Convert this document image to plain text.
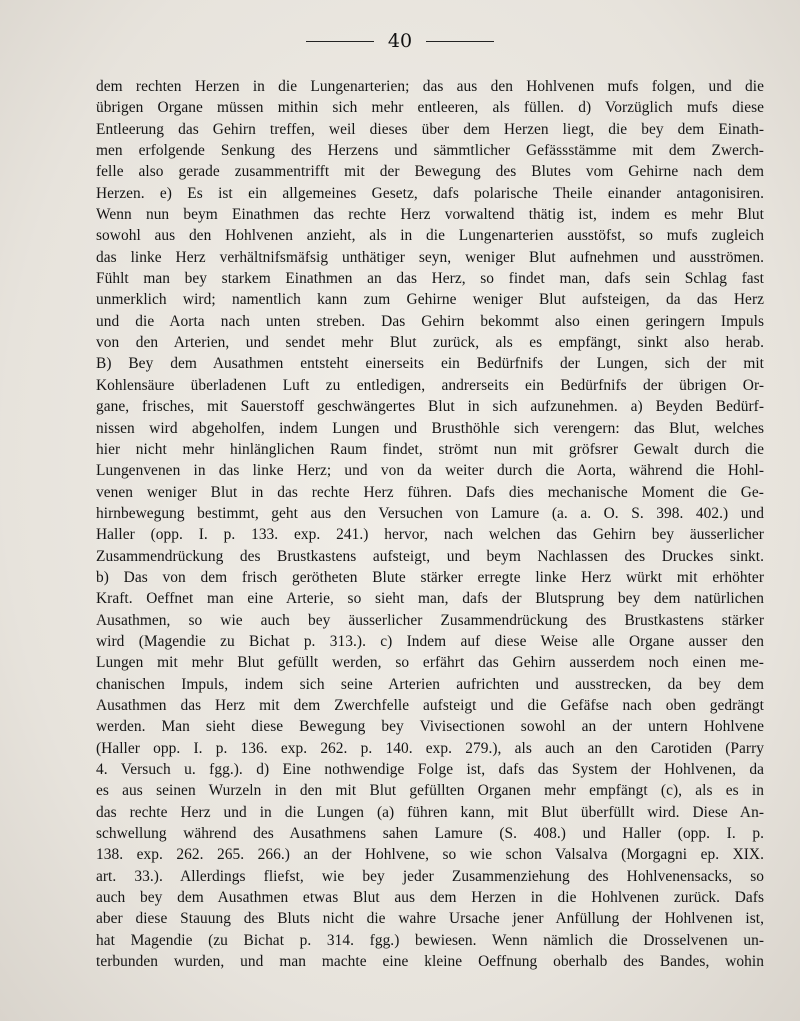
40
dem rechten Herzen in die Lungenarterien; das aus den Hohlvenen mufs folgen, und die
übrigen Organe müssen mithin sich mehr entleeren, als füllen. d) Vorzüglich mufs diese
Entleerung das Gehirn treffen, weil dieses über dem Herzen liegt, die bey dem Einath-
men erfolgende Senkung des Herzens und sämmtlicher Gefässstämme mit dem Zwerch-
felle also gerade zusammentrifft mit der Bewegung des Blutes vom Gehirne nach dem
Herzen. e) Es ist ein allgemeines Gesetz, dafs polarische Theile einander antagonisiren.
Wenn nun beym Einathmen das rechte Herz vorwaltend thätig ist, indem es mehr Blut
sowohl aus den Hohlvenen anzieht, als in die Lungenarterien ausstöfst, so mufs zugleich
das linke Herz verhältnifsmäfsig unthätiger seyn, weniger Blut aufnehmen und ausströmen.
Fühlt man bey starkem Einathmen an das Herz, so findet man, dafs sein Schlag fast
unmerklich wird; namentlich kann zum Gehirne weniger Blut aufsteigen, da das Herz
und die Aorta nach unten streben. Das Gehirn bekommt also einen geringern Impuls
von den Arterien, und sendet mehr Blut zurück, als es empfängt, sinkt also herab.
B) Bey dem Ausathmen entsteht einerseits ein Bedürfnifs der Lungen, sich der mit
Kohlensäure überladenen Luft zu entledigen, andrerseits ein Bedürfnifs der übrigen Or-
gane, frisches, mit Sauerstoff geschwängertes Blut in sich aufzunehmen. a) Beyden Bedürf-
nissen wird abgeholfen, indem Lungen und Brusthöhle sich verengern: das Blut, welches
hier nicht mehr hinlänglichen Raum findet, strömt nun mit gröfsrer Gewalt durch die
Lungenvenen in das linke Herz; und von da weiter durch die Aorta, während die Hohl-
venen weniger Blut in das rechte Herz führen. Dafs dies mechanische Moment die Ge-
hirnbewegung bestimmt, geht aus den Versuchen von Lamure (a. a. O. S. 398. 402.) und
Haller (opp. I. p. 133. exp. 241.) hervor, nach welchen das Gehirn bey äusserlicher
Zusammendrückung des Brustkastens aufsteigt, und beym Nachlassen des Druckes sinkt.
b) Das von dem frisch gerötheten Blute stärker erregte linke Herz würkt mit erhöhter
Kraft. Oeffnet man eine Arterie, so sieht man, dafs der Blutsprung bey dem natürlichen
Ausathmen, so wie auch bey äusserlicher Zusammendrückung des Brustkastens stärker
wird (Magendie zu Bichat p. 313.). c) Indem auf diese Weise alle Organe ausser den
Lungen mit mehr Blut gefüllt werden, so erfährt das Gehirn ausserdem noch einen me-
chanischen Impuls, indem sich seine Arterien aufrichten und ausstrecken, da bey dem
Ausathmen das Herz mit dem Zwerchfelle aufsteigt und die Gefäfse nach oben gedrängt
werden. Man sieht diese Bewegung bey Vivisectionen sowohl an der untern Hohlvene
(Haller opp. I. p. 136. exp. 262. p. 140. exp. 279.), als auch an den Carotiden (Parry
4. Versuch u. fgg.). d) Eine nothwendige Folge ist, dafs das System der Hohlvenen, da
es aus seinen Wurzeln in den mit Blut gefüllten Organen mehr empfängt (c), als es in
das rechte Herz und in die Lungen (a) führen kann, mit Blut überfüllt wird. Diese An-
schwellung während des Ausathmens sahen Lamure (S. 408.) und Haller (opp. I. p.
138. exp. 262. 265. 266.) an der Hohlvene, so wie schon Valsalva (Morgagni ep. XIX.
art. 33.). Allerdings fliefst, wie bey jeder Zusammenziehung des Hohlvenensacks, so
auch bey dem Ausathmen etwas Blut aus dem Herzen in die Hohlvenen zurück. Dafs
aber diese Stauung des Bluts nicht die wahre Ursache jener Anfüllung der Hohlvenen ist,
hat Magendie (zu Bichat p. 314. fgg.) bewiesen. Wenn nämlich die Drosselvenen un-
terbunden wurden, und man machte eine kleine Oeffnung oberhalb des Bandes, wohin
